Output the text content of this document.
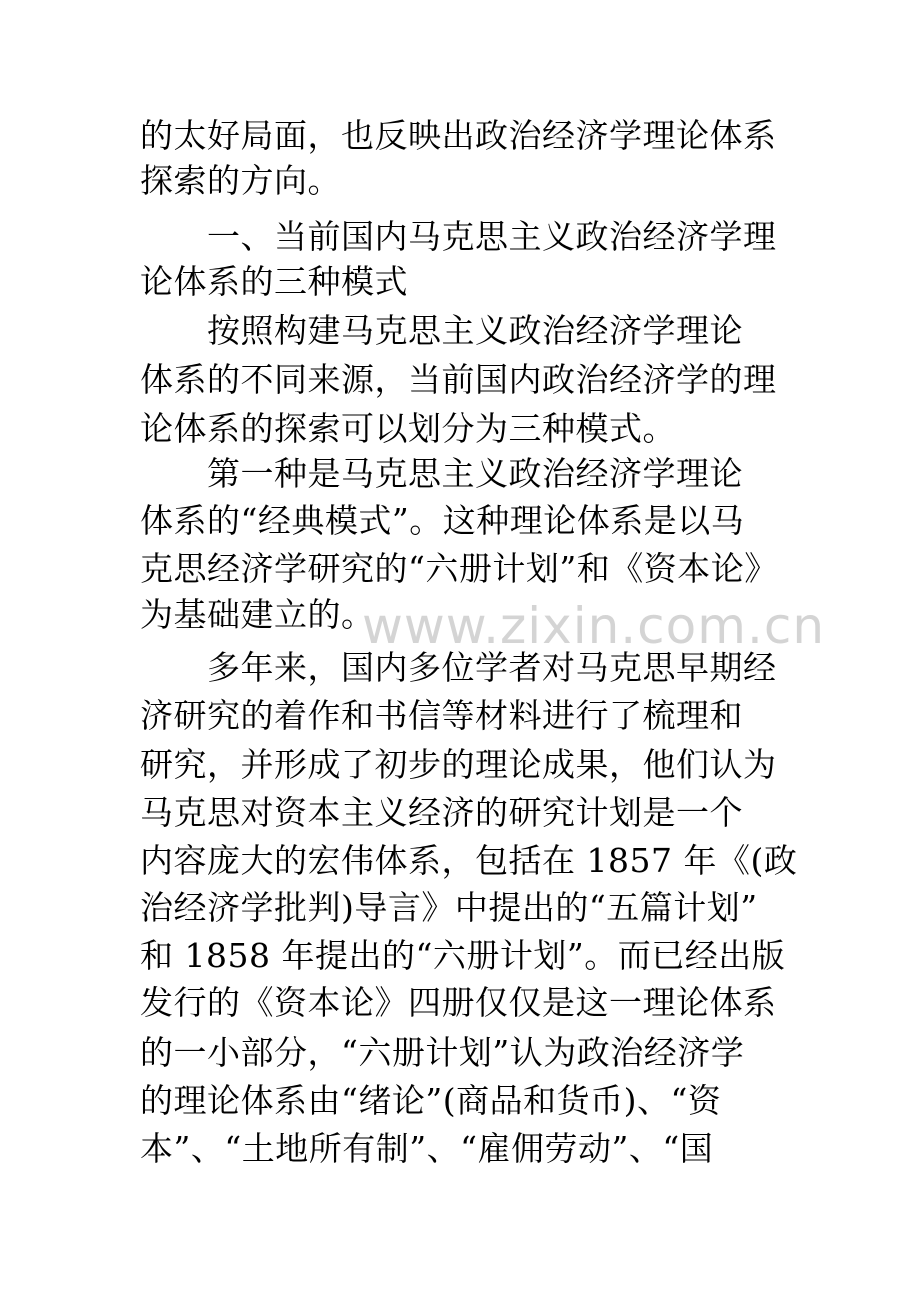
的太好局面，也反映出政治经济学理论体系
探索的方向。
一、当前国内马克思主义政治经济学理
论体系的三种模式
按照构建马克思主义政治经济学理论
体系的不同来源，当前国内政治经济学的理
论体系的探索可以划分为三种模式。
第一种是马克思主义政治经济学理论
体系的“经典模式”。这种理论体系是以马
克思经济学研究的“六册计划”和《资本论》
为基础建立的。
多年来，国内多位学者对马克思早期经
济研究的着作和书信等材料进行了梳理和
研究，并形成了初步的理论成果，他们认为
马克思对资本主义经济的研究计划是一个
内容庞大的宏伟体系，包括在 1857 年《(政
治经济学批判)导言》中提出的“五篇计划”
和 1858 年提出的“六册计划”。而已经出版
发行的《资本论》四册仅仅是这一理论体系
的一小部分，“六册计划”认为政治经济学
的理论体系由“绪论”(商品和货币)、“资
本”、“土地所有制”、“雇佣劳动”、“国
www.zixin.com.cn
